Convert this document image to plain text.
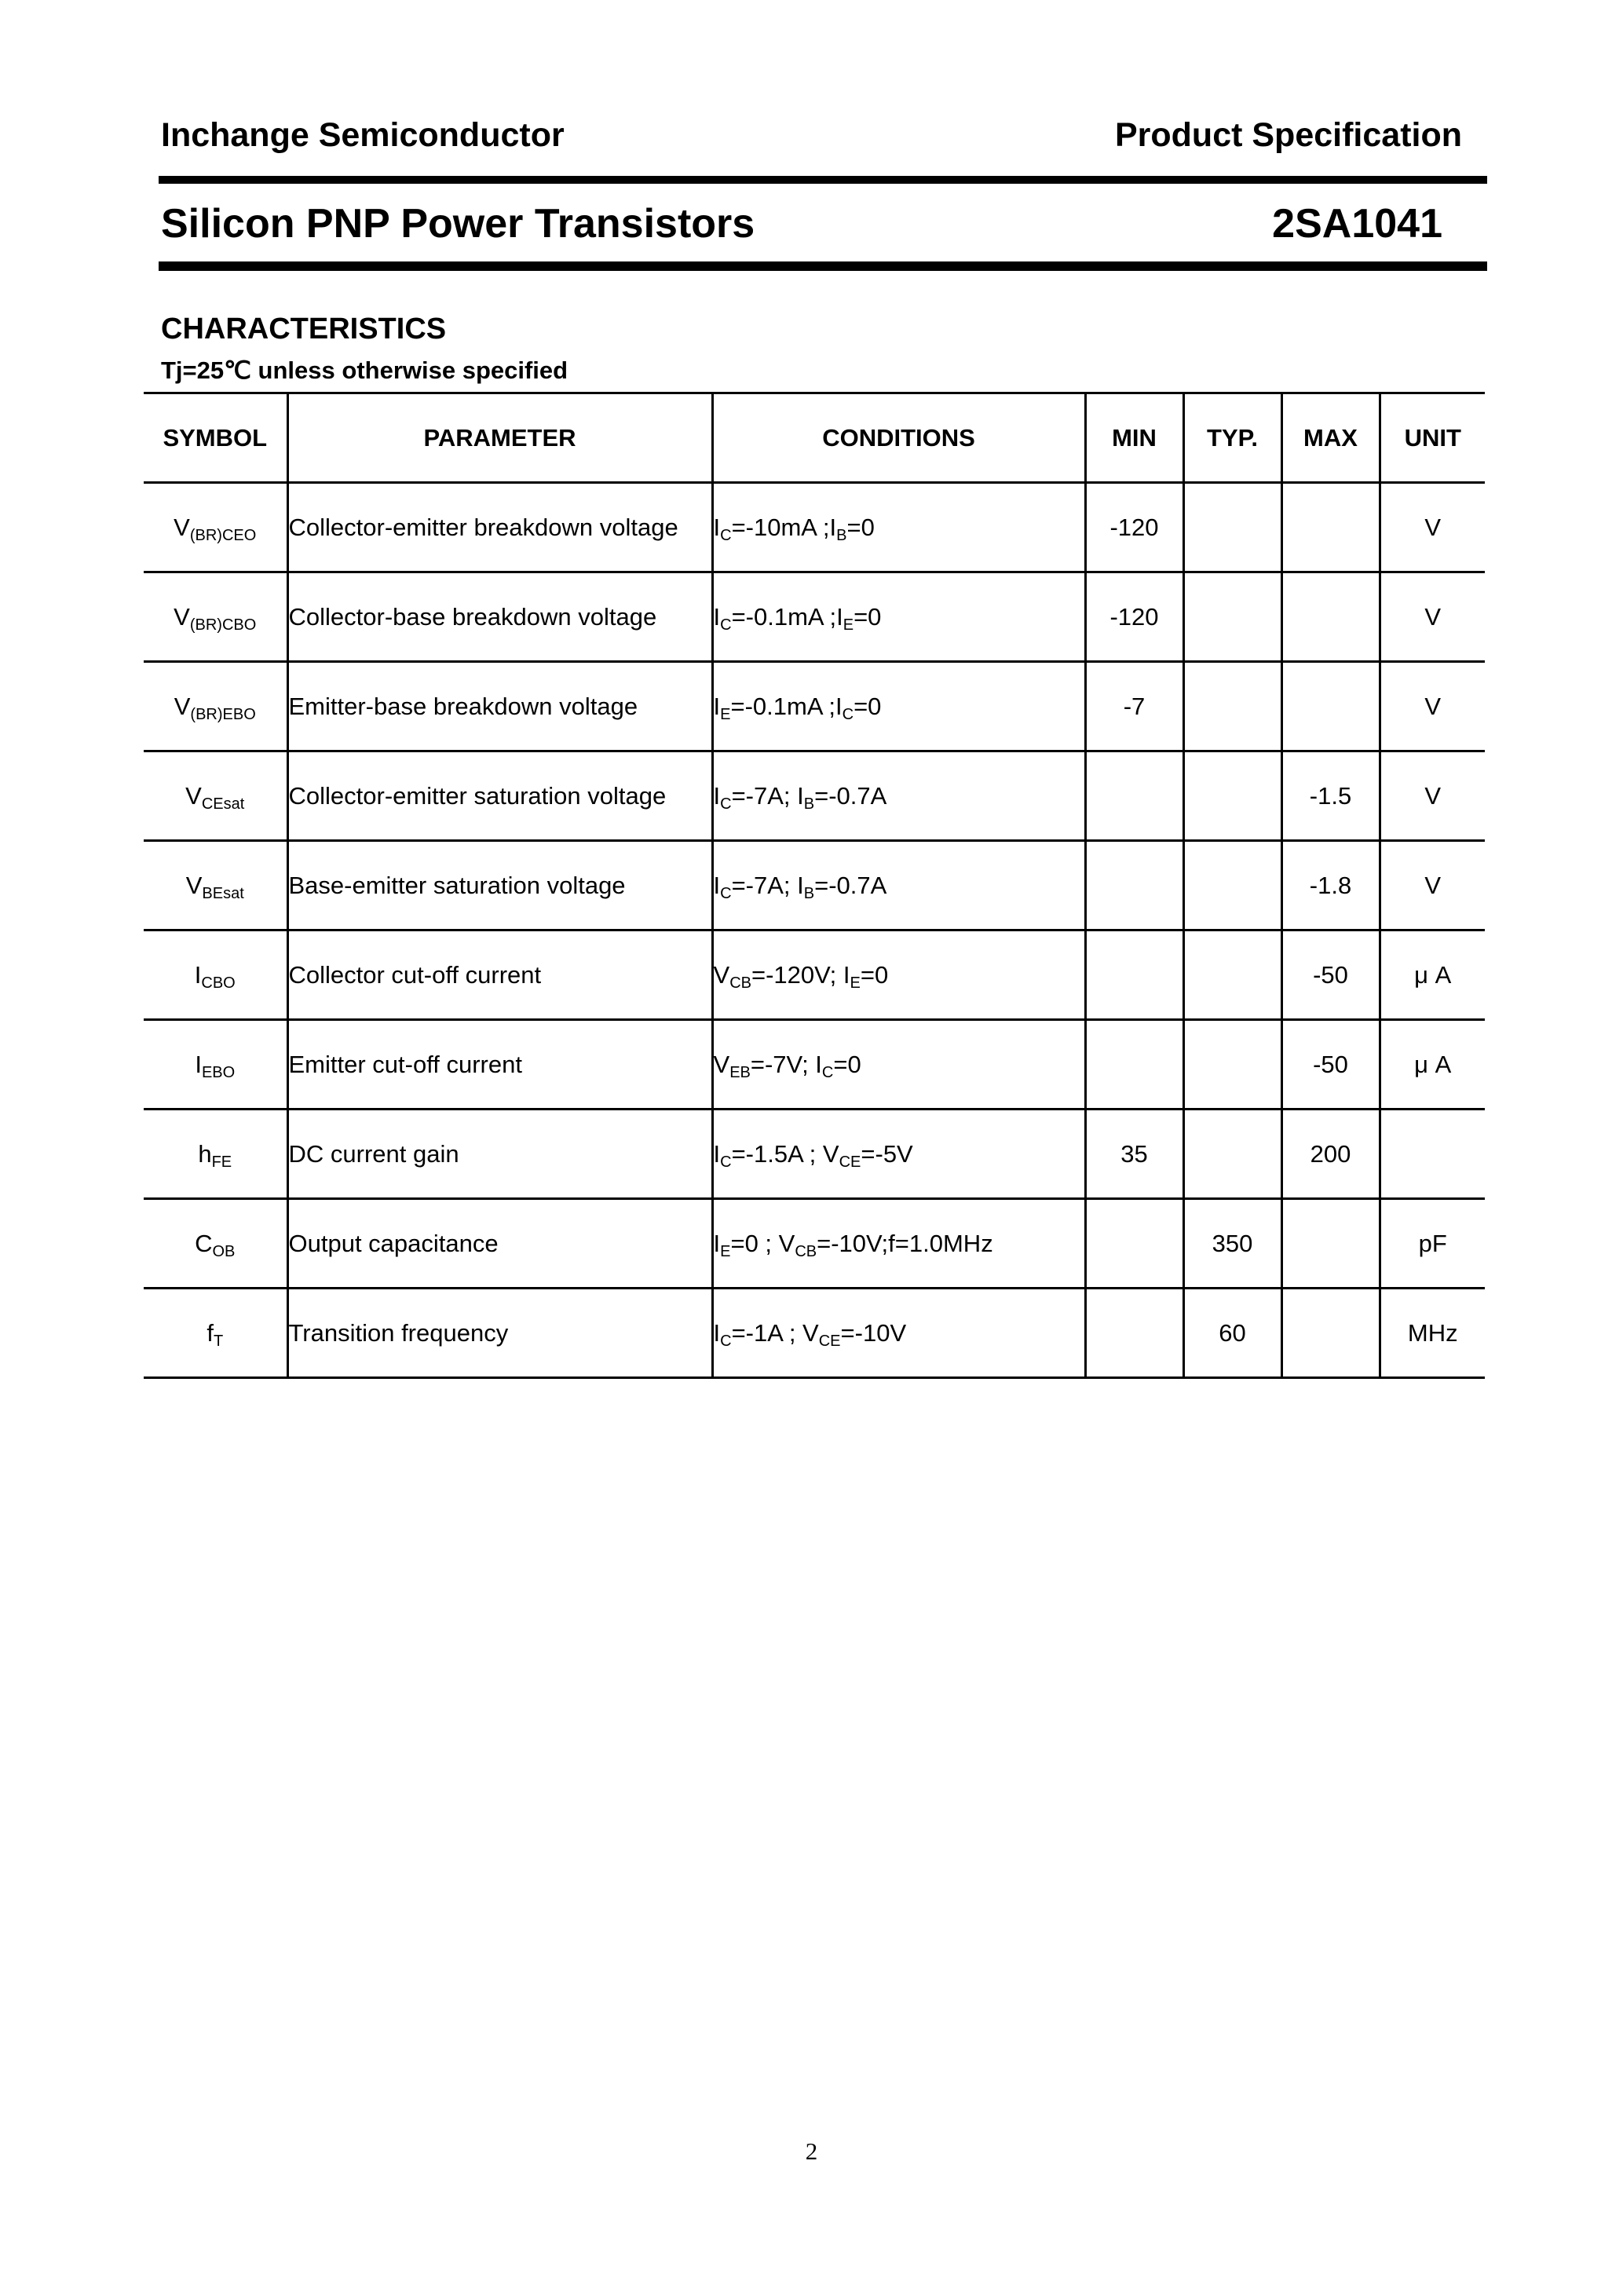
Inchange Semiconductor	Product Specification
Silicon PNP Power Transistors	2SA1041
CHARACTERISTICS
Tj=25℃ unless otherwise specified
SYMBOL	PARAMETER	CONDITIONS	MIN	TYP.	MAX	UNIT
$V_{(BR)CEO}$	Collector-emitter breakdown voltage	$I_C=-10mA$ $;I_B=0$	-120			V
$V_{(BR)CBO}$	Collector-base breakdown voltage	$I_C=-0.1mA$ $;I_E=0$	-120			V
$V_{(BR)EBO}$	Emitter-base breakdown voltage	$I_E=-0.1mA$ $;I_C=0$	-7			V
$V_{CEsat}$	Collector-emitter saturation voltage	$I_C=-7A$; $I_B=-0.7A$			-1.5	V
$V_{BEsat}$	Base-emitter saturation voltage	$I_C=-7A$; $I_B=-0.7A$			-1.8	V
$I_{CBO}$	Collector cut-off current	$V_{CB}=-120V$; $I_E=0$			-50	μ A
$I_{EBO}$	Emitter cut-off current	$V_{EB}=-7V$; $I_C=0$			-50	μ A
$h_{FE}$	DC current gain	$I_C=-1.5A$ ; $V_{CE}=-5V$	35		200	
$C_{OB}$	Output capacitance	$I_E=0$ ; $V_{CB}=-10V;f=1.0MHz$		350		pF
$f_T$	Transition frequency	$I_C=-1A$ ; $V_{CE}=-10V$		60		MHz
2
